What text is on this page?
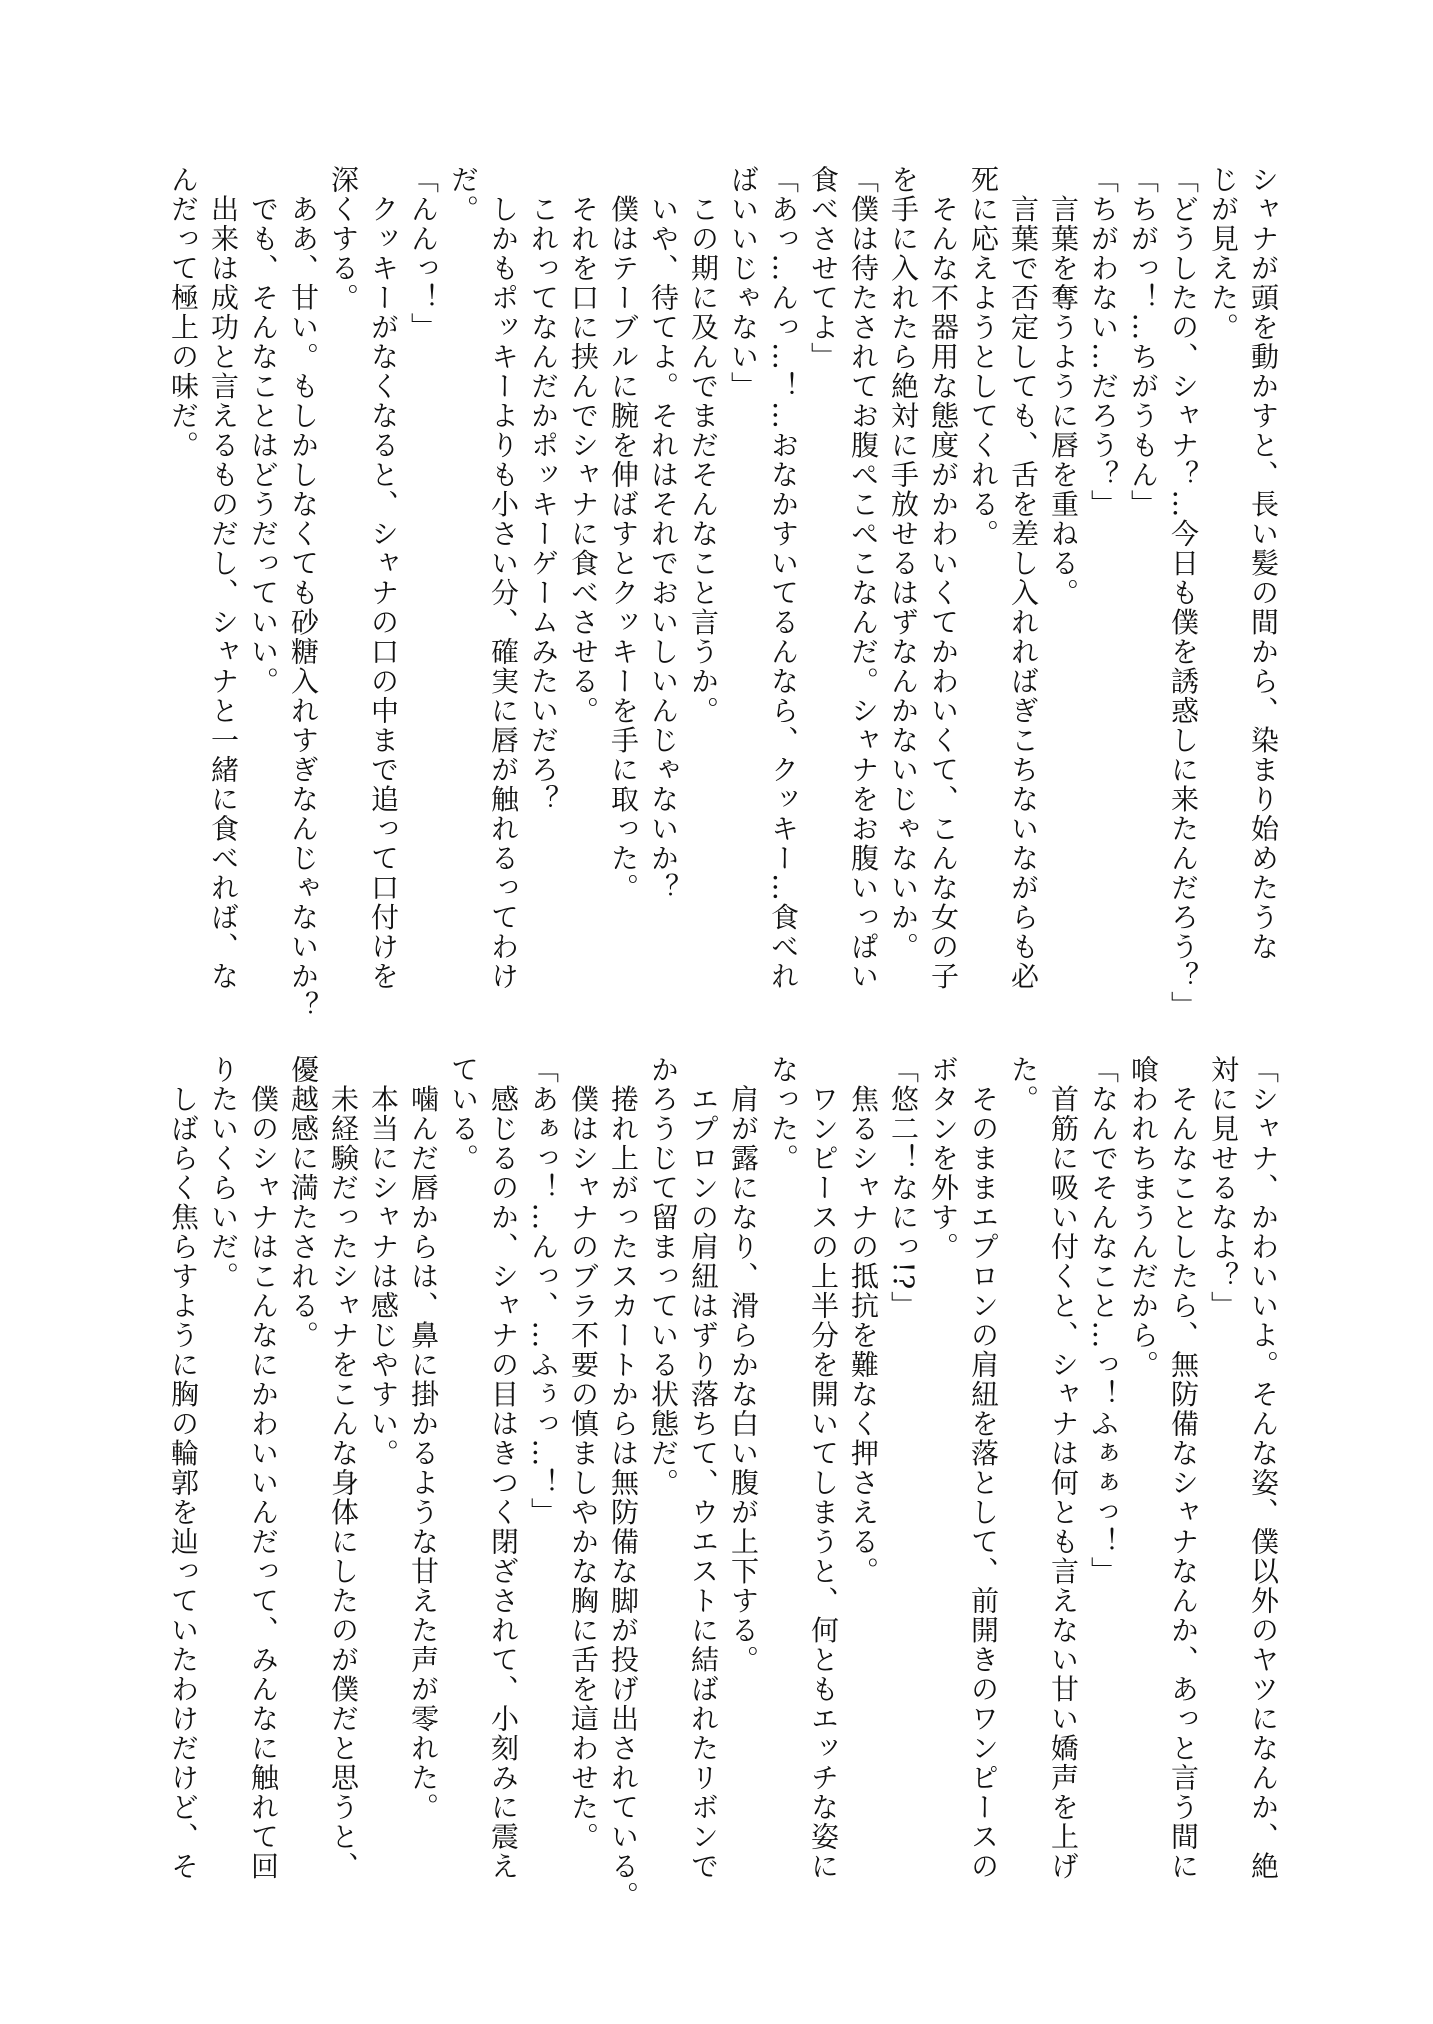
シャナが頭を動かすと、長い髪の間から、染まり始めたうな
じが見えた。
「どうしたの、シャナ？…今日も僕を誘惑しに来たんだろう？」
「ちがっ！…ちがうもん」
「ちがわない…だろう？」
　言葉を奪うように唇を重ねる。
　言葉で否定しても、舌を差し入れればぎこちないながらも必
死に応えようとしてくれる。
　そんな不器用な態度がかわいくてかわいくて、こんな女の子
を手に入れたら絶対に手放せるはずなんかないじゃないか。
「僕は待たされてお腹ぺこぺこなんだ。シャナをお腹いっぱい
食べさせてよ」
「あっ…んっ…！…おなかすいてるんなら、クッキー…食べれ
ばいいじゃない」
　この期に及んでまだそんなこと言うか。
　いや、待てよ。それはそれでおいしいんじゃないか？
　僕はテーブルに腕を伸ばすとクッキーを手に取った。
　それを口に挟んでシャナに食べさせる。
　これってなんだかポッキーゲームみたいだろ？
　しかもポッキーよりも小さい分、確実に唇が触れるってわけ
だ。
「んんっ！」
　クッキーがなくなると、シャナの口の中まで追って口付けを
深くする。
　ああ、甘い。もしかしなくても砂糖入れすぎなんじゃないか？
　でも、そんなことはどうだっていい。
　出来は成功と言えるものだし、シャナと一緒に食べれば、な
んだって極上の味だ。
「シャナ、かわいいよ。そんな姿、僕以外のヤツになんか、絶
対に見せるなよ？」
　そんなことしたら、無防備なシャナなんか、あっと言う間に
喰われちまうんだから。
「なんでそんなこと…っ！ふぁぁっ！」
　首筋に吸い付くと、シャナは何とも言えない甘い嬌声を上げ
た。
　そのままエプロンの肩紐を落として、前開きのワンピースの
ボタンを外す。
「悠二！なにっ!?」
　焦るシャナの抵抗を難なく押さえる。
　ワンピースの上半分を開いてしまうと、何ともエッチな姿に
なった。
　肩が露になり、滑らかな白い腹が上下する。
　エプロンの肩紐はずり落ちて、ウエストに結ばれたリボンで
かろうじて留まっている状態だ。
　捲れ上がったスカートからは無防備な脚が投げ出されている。
　僕はシャナのブラ不要の慎ましやかな胸に舌を這わせた。
「あぁっ！…んっ、…ふぅっ…！」
　感じるのか、シャナの目はきつく閉ざされて、小刻みに震え
ている。
　噛んだ唇からは、鼻に掛かるような甘えた声が零れた。
　本当にシャナは感じやすい。
　未経験だったシャナをこんな身体にしたのが僕だと思うと、
優越感に満たされる。
　僕のシャナはこんなにかわいいんだって、みんなに触れて回
りたいくらいだ。
　しばらく焦らすように胸の輪郭を辿っていたわけだけど、そ
